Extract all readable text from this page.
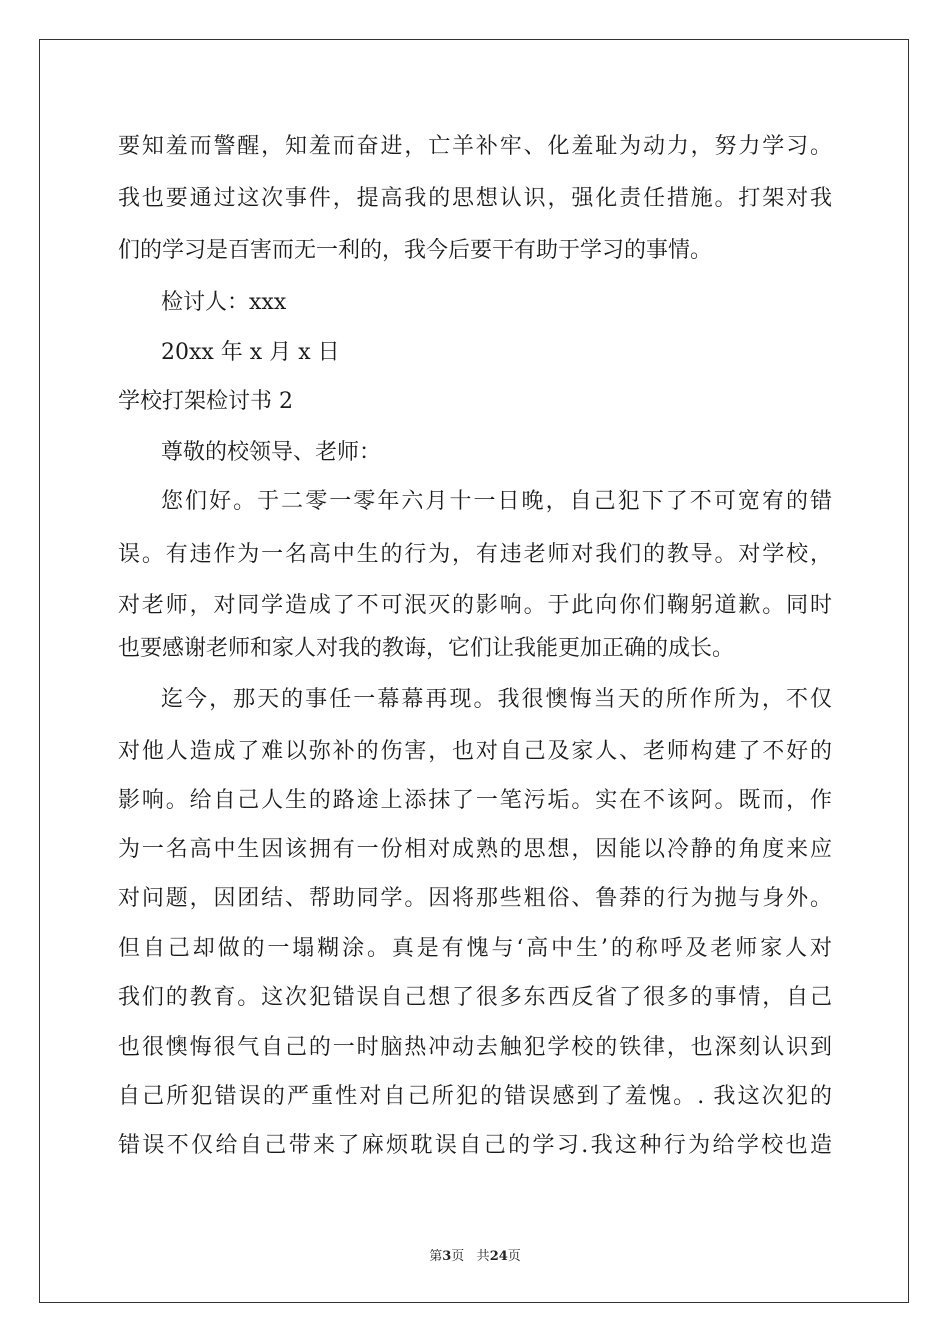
要知羞而警醒，知羞而奋进，亡羊补牢、化羞耻为动力，努力学习。
我也要通过这次事件，提高我的思想认识，强化责任措施。打架对我
们的学习是百害而无一利的，我今后要干有助于学习的事情。
检讨人：xxx
20xx 年 x 月 x 日
学校打架检讨书 2
尊敬的校领导、老师：
您们好。于二零一零年六月十一日晚，自己犯下了不可宽宥的错
误。有违作为一名高中生的行为，有违老师对我们的教导。对学校，
对老师，对同学造成了不可泯灭的影响。于此向你们鞠躬道歉。同时
也要感谢老师和家人对我的教诲，它们让我能更加正确的成长。
迄今，那天的事任一幕幕再现。我很懊悔当天的所作所为，不仅
对他人造成了难以弥补的伤害，也对自己及家人、老师构建了不好的
影响。给自己人生的路途上添抹了一笔污垢。实在不该阿。既而，作
为一名高中生因该拥有一份相对成熟的思想，因能以冷静的角度来应
对问题，因团结、帮助同学。因将那些粗俗、鲁莽的行为抛与身外。
但自己却做的一塌糊涂。真是有愧与‘高中生’的称呼及老师家人对
我们的教育。这次犯错误自己想了很多东西反省了很多的事情，自己
也很懊悔很气自己的一时脑热冲动去触犯学校的铁律，也深刻认识到
自己所犯错误的严重性对自己所犯的错误感到了羞愧。. 我这次犯的
错误不仅给自己带来了麻烦耽误自己的学习.我这种行为给学校也造
第3页 共24页
